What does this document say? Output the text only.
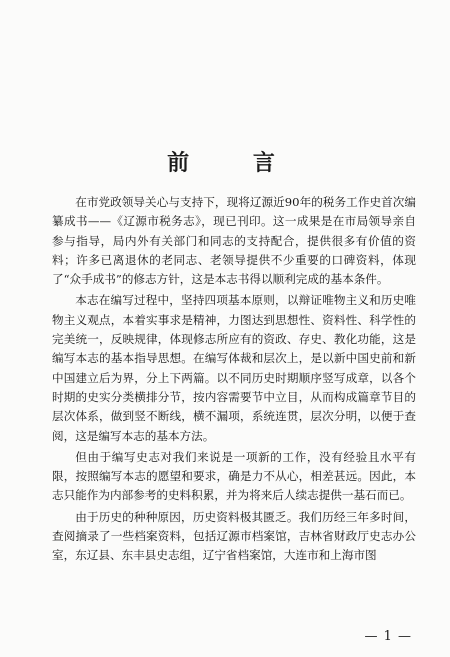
前 言

在市党政领导关心与支持下，现将辽源近90年的税务工作史首次编纂成书——《辽源市税务志》，现已刊印。这一成果是在市局领导亲自参与指导，局内外有关部门和同志的支持配合，提供很多有价值的资料；许多已离退休的老同志、老领导提供不少重要的口碑资料，体现了“众手成书”的修志方针，这是本志书得以顺利完成的基本条件。

本志在编写过程中，坚持四项基本原则，以辩证唯物主义和历史唯物主义观点，本着实事求是精神，力图达到思想性、资料性、科学性的完美统一，反映规律，体现修志所应有的资政、存史、教化功能，这是编写本志的基本指导思想。在编写体裁和层次上，是以新中国史前和新中国建立后为界，分上下两篇。以不同历史时期顺序竖写成章，以各个时期的史实分类横排分节，按内容需要节中立目，从而构成篇章节目的层次体系，做到竖不断线，横不漏项，系统连贯，层次分明，以便于查阅，这是编写本志的基本方法。

但由于编写史志对我们来说是一项新的工作，没有经验且水平有限，按照编写本志的愿望和要求，确是力不从心，相差甚远。因此，本志只能作为内部参考的史料积累，并为将来后人续志提供一基石而已。

由于历史的种种原因，历史资料极其匮乏。我们历经三年多时间，查阅摘录了一些档案资料，包括辽源市档案馆，吉林省财政厅史志办公室，东辽县、东丰县史志组，辽宁省档案馆，大连市和上海市图

— 1 —
